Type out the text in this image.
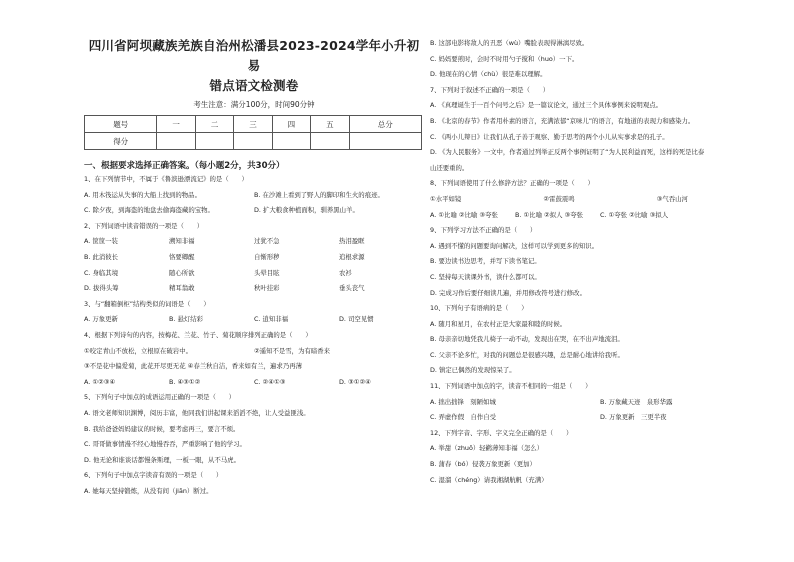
四川省阿坝藏族羌族自治州松潘县2023-2024学年小升初易
错点语文检测卷
考生注意：满分100分，时间90分钟
题号	一	二	三	四	五	总分
得分						
一、根据要求选择正确答案。（每小题2分，共30分）
1、在下列情节中，不属于《鲁滨逊漂流记》的是（　　）
A. 用木筏运从失事的大船上找到的物品。	B. 在沙滩上看到了野人的脚印和生火的痕迹。
C. 除夕夜，到海盗的地盘去偷海盗藏的宝物。	D. 扩大粮食种植面积，驯养黑山羊。
2、下列词语中读音错误的一项是（　　）
A. 筐筐一装	溯知非福	过犹不急	热泪盈眶
B. 此消彼长	恪要卿醒	自惭形秽	追根求源
C. 身临其境	随心所欲	头晕目眩	农衫
D. 拔得头筹	精耳翁敢	秋叶挂彩	垂头丧气
3、与“翻箱倒柜”结构类似的词语是（　　）
A. 万象更新	B. 悬灯结彩	C. 逍知非福	D. 司空见惯
4、根据下列诗句的内容，按梅花、兰花、竹子、菊花顺序排列正确的是（　　）
①咬定青山不放松，立根原在破岩中。	②遥知不是雪，为有暗香来
③不是花中偏爱菊，此花开尽更无花 ④春兰秋自洁，香来如有兰，遍求乃再薄
A. ①②③④	B. ④③①②	C. ②④①③	D. ③①②④
5、下列句子中加点的成语运用正确的一项是（　　）
A. 语文老师知识渊博，阅历丰富，他同我们讲起课来滔滔不绝，让人受益匪浅。
B. 我给爸爸妈妈建议的时候，要考虑再三，要言不烦。
C. 哥哥做事情漫不经心地慢吞吞，严重影响了他的学习。
D. 他无论和谁谈话都慢条斯理，一板一眼，从不马虎。
6、下列句子中加点字读音有误的一项是（　　）
A. 她每天坚持锻炼，从没有间（jiān）断过。
B. 这部电影将敌人的丑恶（wù）嘴脸表现得淋漓尽致。
C. 妈妈要煎时，会时不时用勺子搅和（huo）一下。
D. 他现在的心情（chù）很是难以理解。
7、下列对于叙述不正确的一项是（　　）
A. 《真理诞生于一百个问号之后》是一篇议论文，通过三个具体事例来说明观点。
B. 《北京的春节》作者用朴素的语言，充满浓郁“京味儿”的语言，有地道的表现力和感染力。
C. 《两小儿辩日》让我们从孔子善于观察、勤于思考的两个小儿从实事求是的孔子。
D. 《为人民服务》一文中，作者通过列举正反两个事例证明了“为人民利益而死，这样的死是比泰
山还要重的。
8、下列词语使用了什么修辞方法？正确的一项是（　　）
①水平如镜	②雷鼓震鸣	③气吞山河
A. ①比喻 ②比喻 ③夸张	B. ①比喻 ②拟人 ③夸张	C. ①夸张 ②比喻 ③拟人
9、下列学习方法不正确的是（　　）
A. 遇到不懂的问题要询问解决，这样可以学到更多的知识。
B. 要边读书边思考，并写下读书笔记。
C. 坚持每天读课外书，读什么都可以。
D. 完成习作后要仔细读几遍，并用修改符号进行修改。
10、下列句子有语病的是（　　）
A. 随月和星月，在农村正是大家最和睦的时候。
B. 母亲亲切地凭我儿椅子一动不动，发现出在哭，在不出声地流泪。
C. 父亲不论多忙，对我的问题总是很感兴趣，总是耐心地讲给我听。
D. 镇定已偶然的发现惊呆了。
11、下列词语中加点的字，读音不相同的一组是（　　）
A. 拙出拙锋　刻陋如城	B. 万象藏天迹　泉形华露
C. 弄虚作假　自作自受	D. 万象更新　三更半夜
12、下列字音、字形、字义完全正确的是（　　）
A. 举甜（zhuō）轻鹳薄知非福（怎么）
B. 蒲春（bó）侵袭万象更新（更加）
C. 湿溜（chéng）请我湘湖航帆（充满）
